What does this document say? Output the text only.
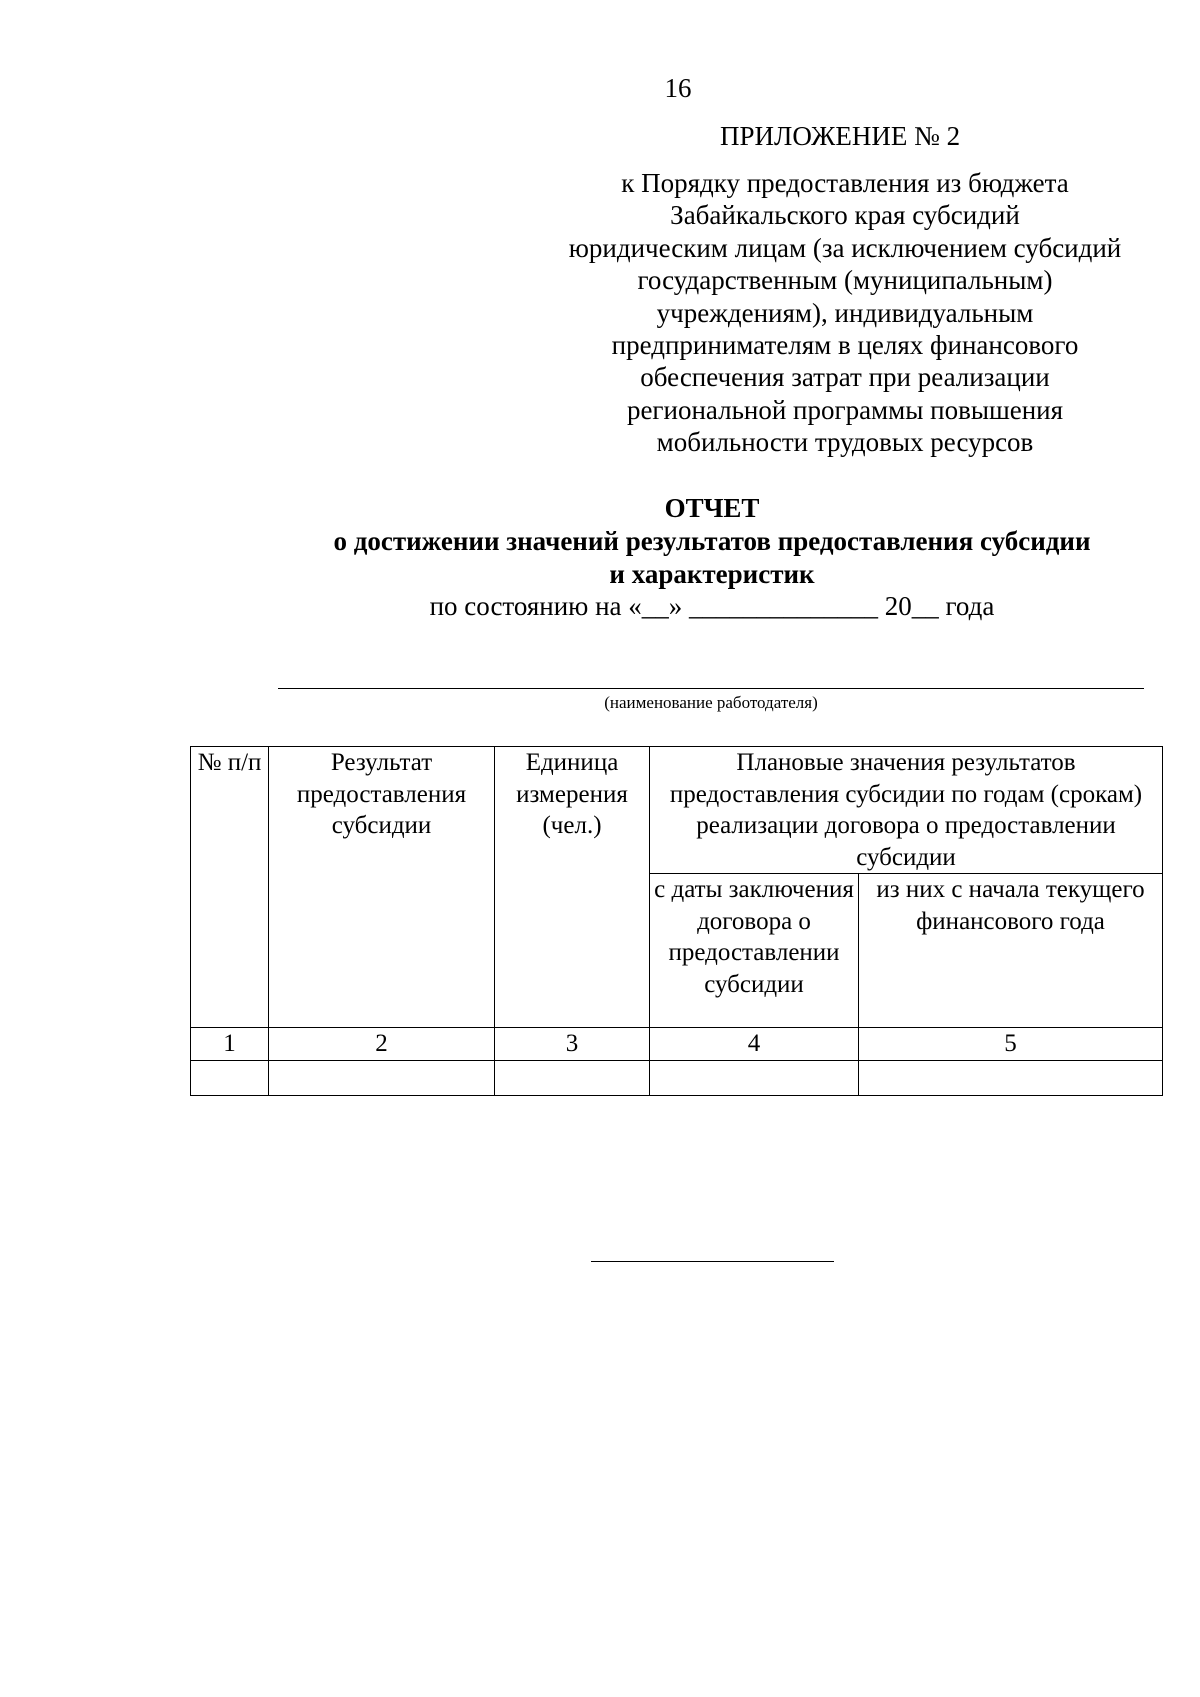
16
ПРИЛОЖЕНИЕ № 2
к Порядку предоставления из бюджета
Забайкальского края субсидий
юридическим лицам (за исключением субсидий
государственным (муниципальным)
учреждениям), индивидуальным
предпринимателям в целях финансового
обеспечения затрат при реализации
региональной программы повышения
мобильности трудовых ресурсов
ОТЧЕТ
о достижении значений результатов предоставления субсидии
и характеристик
по состоянию на «__» ______________ 20__ года
(наименование работодателя)
№ п/п	Результат предоставления субсидии	Единица измерения (чел.)	Плановые значения результатов предоставления субсидии по годам (срокам) реализации договора о предоставлении субсидии	
			с даты заключения договора о предоставлении субсидии	из них с начала текущего финансового года
1	2	3	4	5
